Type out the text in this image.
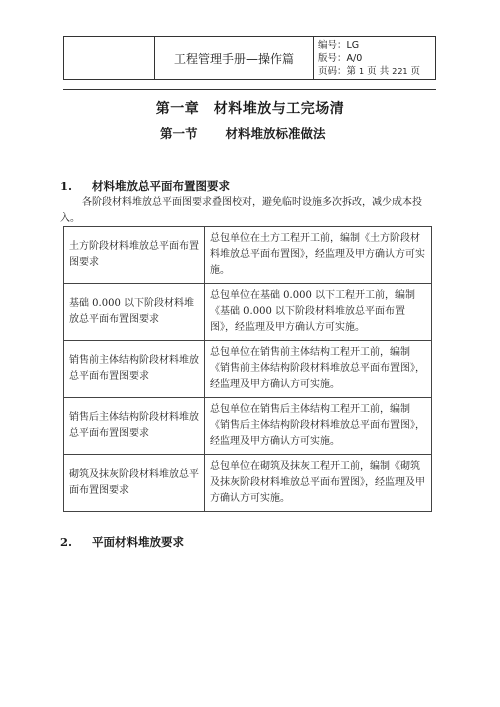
	工程管理手册—操作篇	
编号：LG
版号：A/0
页码：第 1 页 共 221 页
第一章　材料堆放与工完场清
第一节 材料堆放标准做法
1. 材料堆放总平面布置图要求
各阶段材料堆放总平面图要求叠图校对，避免临时设施多次拆改，减少成本投入。
土方阶段材料堆放总平面布置图要求	总包单位在土方工程开工前，编制《土方阶段材料堆放总平面布置图》，经监理及甲方确认方可实施。
基础 0.000 以下阶段材料堆放总平面布置图要求	总包单位在基础 0.000 以下工程开工前，编制《基础 0.000 以下阶段材料堆放总平面布置图》，经监理及甲方确认方可实施。
销售前主体结构阶段材料堆放总平面布置图要求	总包单位在销售前主体结构工程开工前，编制《销售前主体结构阶段材料堆放总平面布置图》，经监理及甲方确认方可实施。
销售后主体结构阶段材料堆放总平面布置图要求	总包单位在销售后主体结构工程开工前，编制《销售后主体结构阶段材料堆放总平面布置图》，经监理及甲方确认方可实施。
砌筑及抹灰阶段材料堆放总平面布置图要求	总包单位在砌筑及抹灰工程开工前，编制《砌筑及抹灰阶段材料堆放总平面布置图》，经监理及甲方确认方可实施。
2. 平面材料堆放要求
